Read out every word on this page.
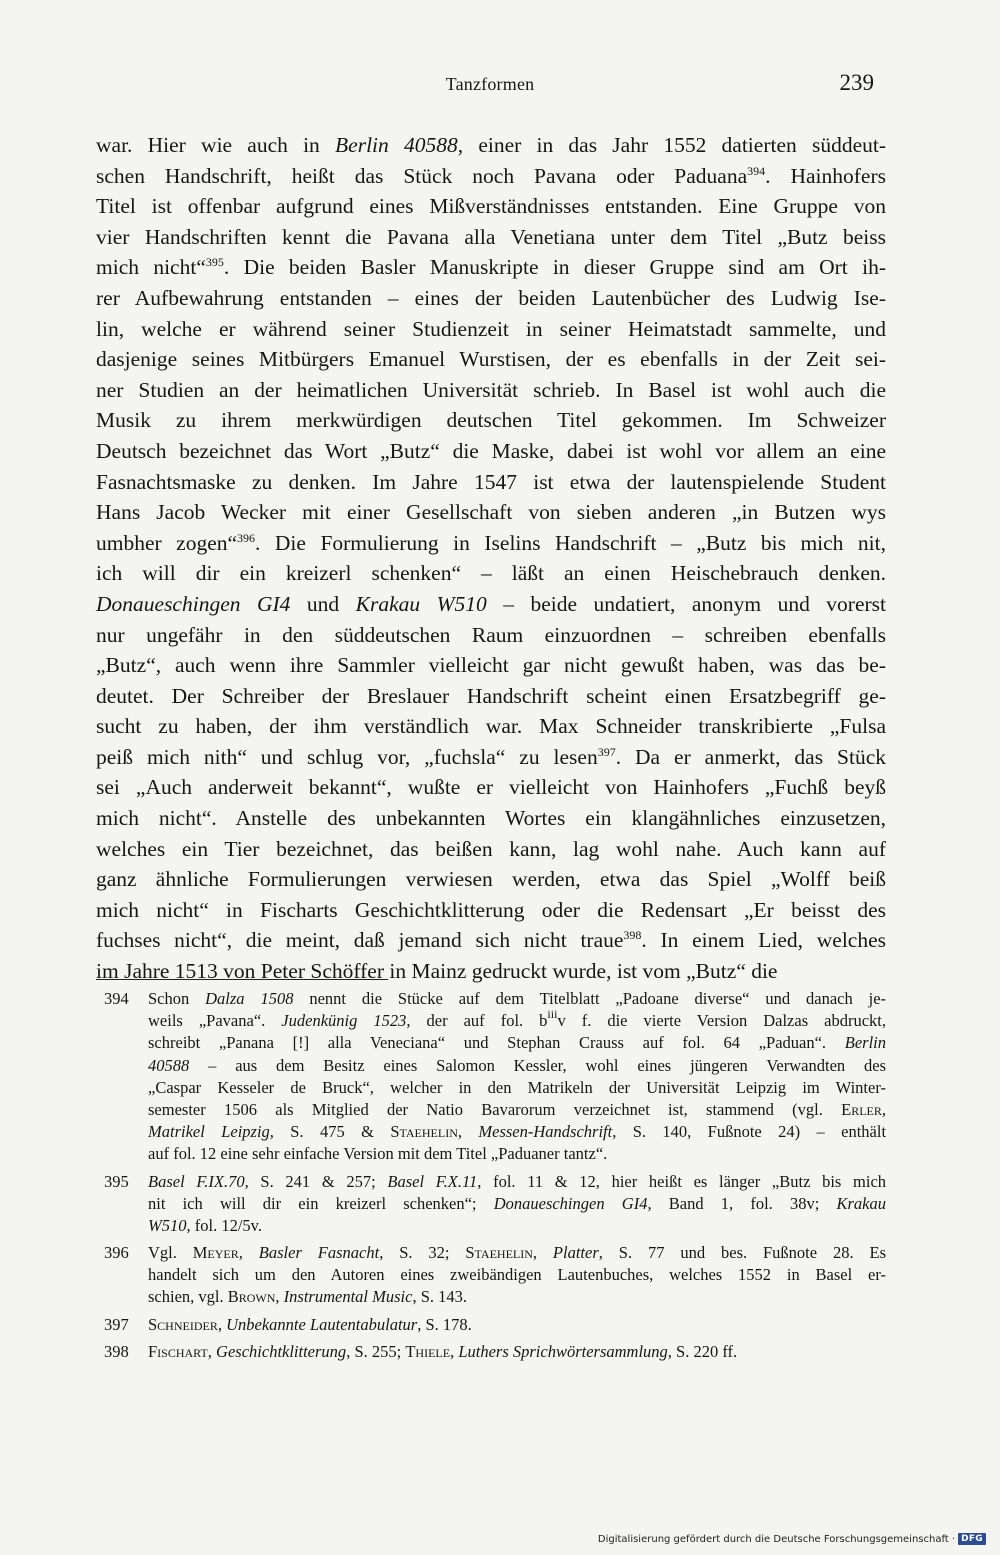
Tanzformen	239
war. Hier wie auch in Berlin 40588, einer in das Jahr 1552 datierten süddeut-
schen Handschrift, heißt das Stück noch Pavana oder Paduana$^{394}$. Hainhofers
Titel ist offenbar aufgrund eines Mißverständnisses entstanden. Eine Gruppe von
vier Handschriften kennt die Pavana alla Venetiana unter dem Titel „Butz beiss
mich nicht“$^{395}$. Die beiden Basler Manuskripte in dieser Gruppe sind am Ort ih-
rer Aufbewahrung entstanden – eines der beiden Lautenbücher des Ludwig Ise-
lin, welche er während seiner Studienzeit in seiner Heimatstadt sammelte, und
dasjenige seines Mitbürgers Emanuel Wurstisen, der es ebenfalls in der Zeit sei-
ner Studien an der heimatlichen Universität schrieb. In Basel ist wohl auch die
Musik zu ihrem merkwürdigen deutschen Titel gekommen. Im Schweizer
Deutsch bezeichnet das Wort „Butz“ die Maske, dabei ist wohl vor allem an eine
Fasnachtsmaske zu denken. Im Jahre 1547 ist etwa der lautenspielende Student
Hans Jacob Wecker mit einer Gesellschaft von sieben anderen „in Butzen wys
umbher zogen“$^{396}$. Die Formulierung in Iselins Handschrift – „Butz bis mich nit,
ich will dir ein kreizerl schenken“ – läßt an einen Heischebrauch denken.
Donaueschingen GI4 und Krakau W510 – beide undatiert, anonym und vorerst
nur ungefähr in den süddeutschen Raum einzuordnen – schreiben ebenfalls
„Butz“, auch wenn ihre Sammler vielleicht gar nicht gewußt haben, was das be-
deutet. Der Schreiber der Breslauer Handschrift scheint einen Ersatzbegriff ge-
sucht zu haben, der ihm verständlich war. Max Schneider transkribierte „Fulsa
peiß mich nith“ und schlug vor, „fuchsla“ zu lesen$^{397}$. Da er anmerkt, das Stück
sei „Auch anderweit bekannt“, wußte er vielleicht von Hainhofers „Fuchß beyß
mich nicht“. Anstelle des unbekannten Wortes ein klangähnliches einzusetzen,
welches ein Tier bezeichnet, das beißen kann, lag wohl nahe. Auch kann auf
ganz ähnliche Formulierungen verwiesen werden, etwa das Spiel „Wolff beiß
mich nicht“ in Fischarts Geschichtklitterung oder die Redensart „Er beisst des
fuchses nicht“, die meint, daß jemand sich nicht traue$^{398}$. In einem Lied, welches
im Jahre 1513 von Peter Schöffer in Mainz gedruckt wurde, ist vom „Butz“ die
394	Schon Dalza 1508 nennt die Stücke auf dem Titelblatt „Padoane diverse“ und danach je-
weils „Pavana“. Judenkünig 1523, der auf fol. $b^{iii}v$ f. die vierte Version Dalzas abdruckt,
schreibt „Panana [!] alla Veneciana“ und Stephan Crauss auf fol. 64 „Paduan“. Berlin
40588 – aus dem Besitz eines Salomon Kessler, wohl eines jüngeren Verwandten des
„Caspar Kesseler de Bruck“, welcher in den Matrikeln der Universität Leipzig im Winter-
semester 1506 als Mitglied der Natio Bavarorum verzeichnet ist, stammend (vgl. Erler,
Matrikel Leipzig, S. 475 & Staehelin, Messen-Handschrift, S. 140, Fußnote 24) – enthält
auf fol. 12 eine sehr einfache Version mit dem Titel „Paduaner tantz“.
395	Basel F.IX.70, S. 241 & 257; Basel F.X.11, fol. 11 & 12, hier heißt es länger „Butz bis mich
nit ich will dir ein kreizerl schenken“; Donaueschingen GI4, Band 1, fol. 38v; Krakau
W510, fol. 12/5v.
396	Vgl. Meyer, Basler Fasnacht, S. 32; Staehelin, Platter, S. 77 und bes. Fußnote 28. Es
handelt sich um den Autoren eines zweibändigen Lautenbuches, welches 1552 in Basel er-
schien, vgl. Brown, Instrumental Music, S. 143.
397	Schneider, Unbekannte Lautentabulatur, S. 178.
398	Fischart, Geschichtklitterung, S. 255; Thiele, Luthers Sprichwörtersammlung, S. 220 ff.
Digitalisierung gefördert durch die Deutsche Forschungsgemeinschaft · DFG
